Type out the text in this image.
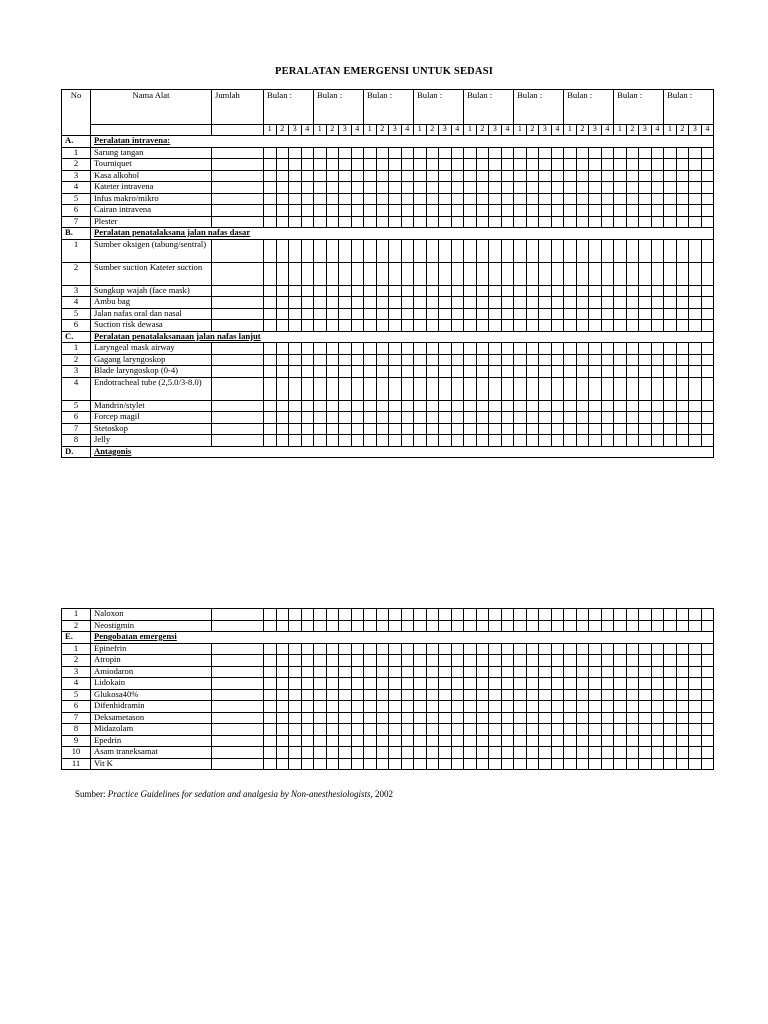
PERALATAN EMERGENSI UNTUK SEDASI
No	Nama Alat	Jumlah	Bulan :				Bulan :				Bulan :				Bulan :				Bulan :				Bulan :				Bulan :				Bulan :				Bulan :			
			1	2	3	4	1	2	3	4	1	2	3	4	1	2	3	4	1	2	3	4	1	2	3	4	1	2	3	4	1	2	3	4	1	2	3	4
A.	Peralatan intravena:																																					
1	Sarung tangan																																					
2	Tourniquet																																					
3	Kasa alkohol																																					
4	Kateter intravena																																					
5	Infus makro/mikro																																					
6	Cairan intravena																																					
7	Plester																																					
B.	Peralatan penatalaksana jalan nafas dasar																																					
1	Sumber oksigen (tabung/sentral)																																					
2	Sumber suction Kateter suction																																					
3	Sungkup wajah (face mask)																																					
4	Ambu bag																																					
5	Jalan nafas oral dan nasal																																					
6	Suction risk dewasa																																					
C.	Peralatan penatalaksanaan jalan nafas lanjut																																					
1	Laryngeal mask airway																																					
2	Gagang laryngoskop																																					
3	Blade laryngoskop (0-4)																																					
4	Endotracheal tube (2,5.0/3-8.0)																																					
5	Mandrin/stylet																																					
6	Forcep magil																																					
7	Stetoskop																																					
8	Jelly																																					
D.	Antagonis																																					
1	Naloxon																																					
2	Neostigmin																																					
E.	Pengobatan emergensi																																					
1	Epinefrin																																					
2	Atropin																																					
3	Amiodaron																																					
4	Lidokain																																					
5	Glukosa40%																																					
6	Difenhidramin																																					
7	Deksametason																																					
8	Midazolam																																					
9	Epedrin																																					
10	Asam traneksamat																																					
11	Vit K																																					
Sumber: Practice Guidelines for sedation and analgesia by Non-anesthesiologists, 2002
